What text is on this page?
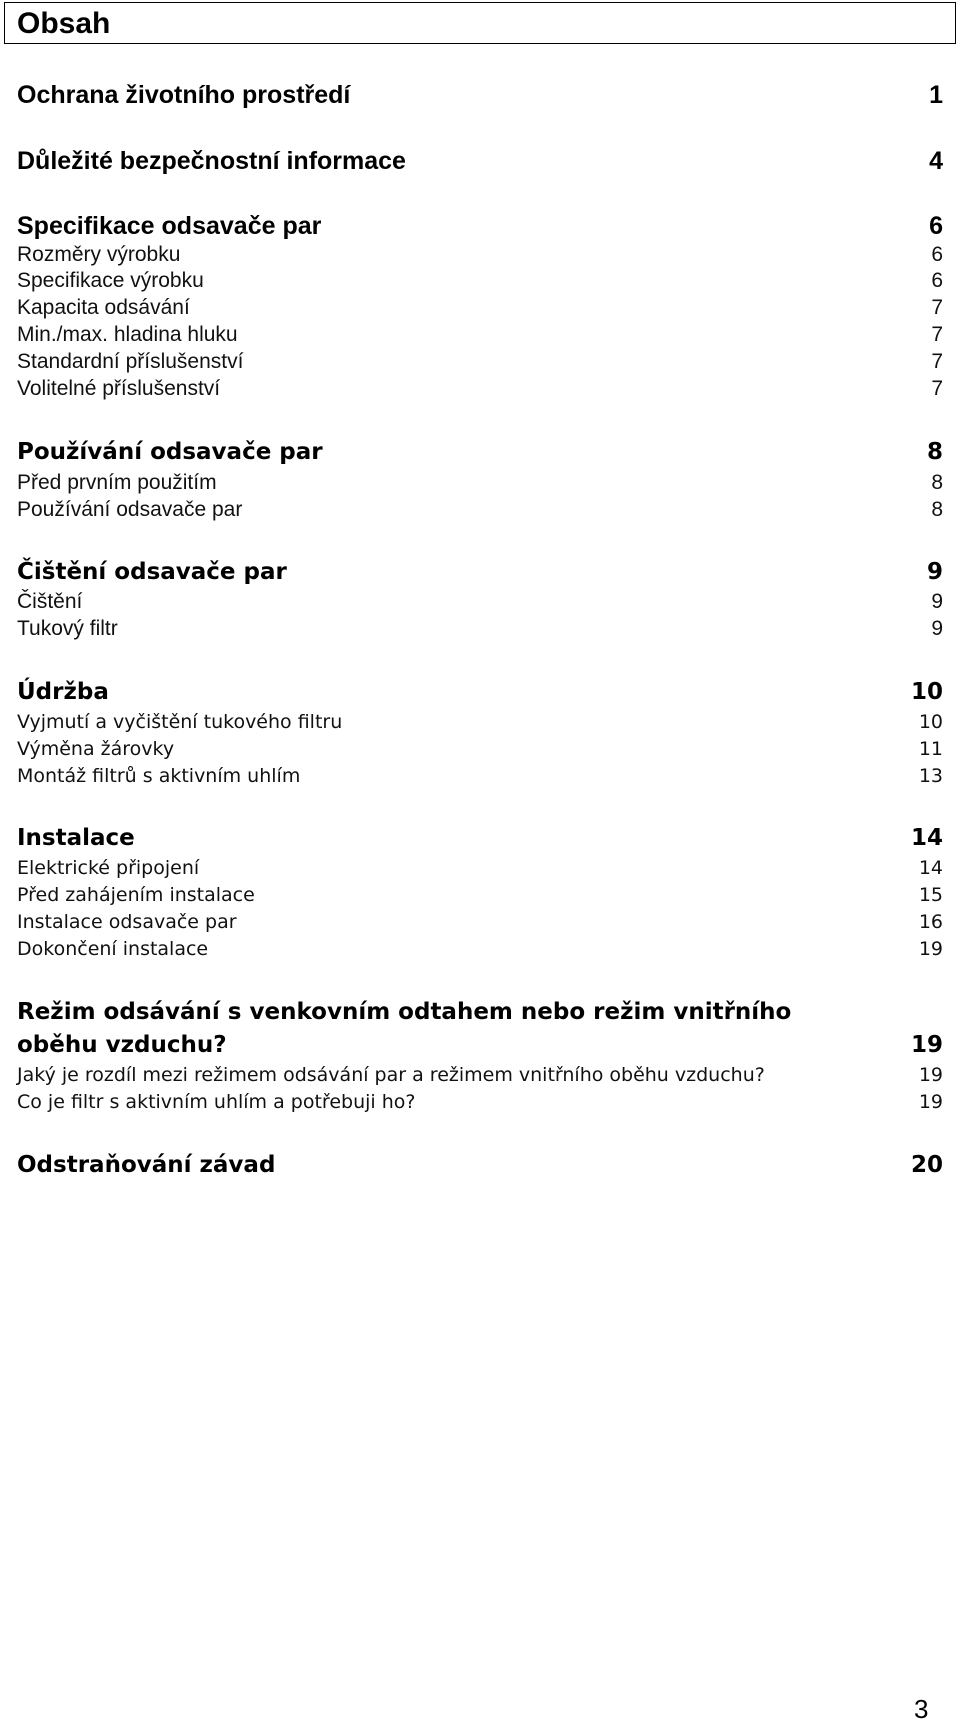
Obsah
Ochrana životního prostředí	1
Důležité bezpečnostní informace	4
Specifikace odsavače par	6
Rozměry výrobku	6
Specifikace výrobku	6
Kapacita odsávání	7
Min./max. hladina hluku	7
Standardní příslušenství	7
Volitelné příslušenství	7
Používání odsavače par	8
Před prvním použitím	8
Používání odsavače par	8
Čištění odsavače par	9
Čištění	9
Tukový filtr	9
Údržba	10
Vyjmutí a vyčištění tukového filtru	10
Výměna žárovky	11
Montáž filtrů s aktivním uhlím	13
Instalace	14
Elektrické připojení	14
Před zahájením instalace	15
Instalace odsavače par	16
Dokončení instalace	19
Režim odsávání s venkovním odtahem nebo režim vnitřního
oběhu vzduchu?	19
Jaký je rozdíl mezi režimem odsávání par a režimem vnitřního oběhu vzduchu?	19
Co je filtr s aktivním uhlím a potřebuji ho?	19
Odstraňování závad	20
3
